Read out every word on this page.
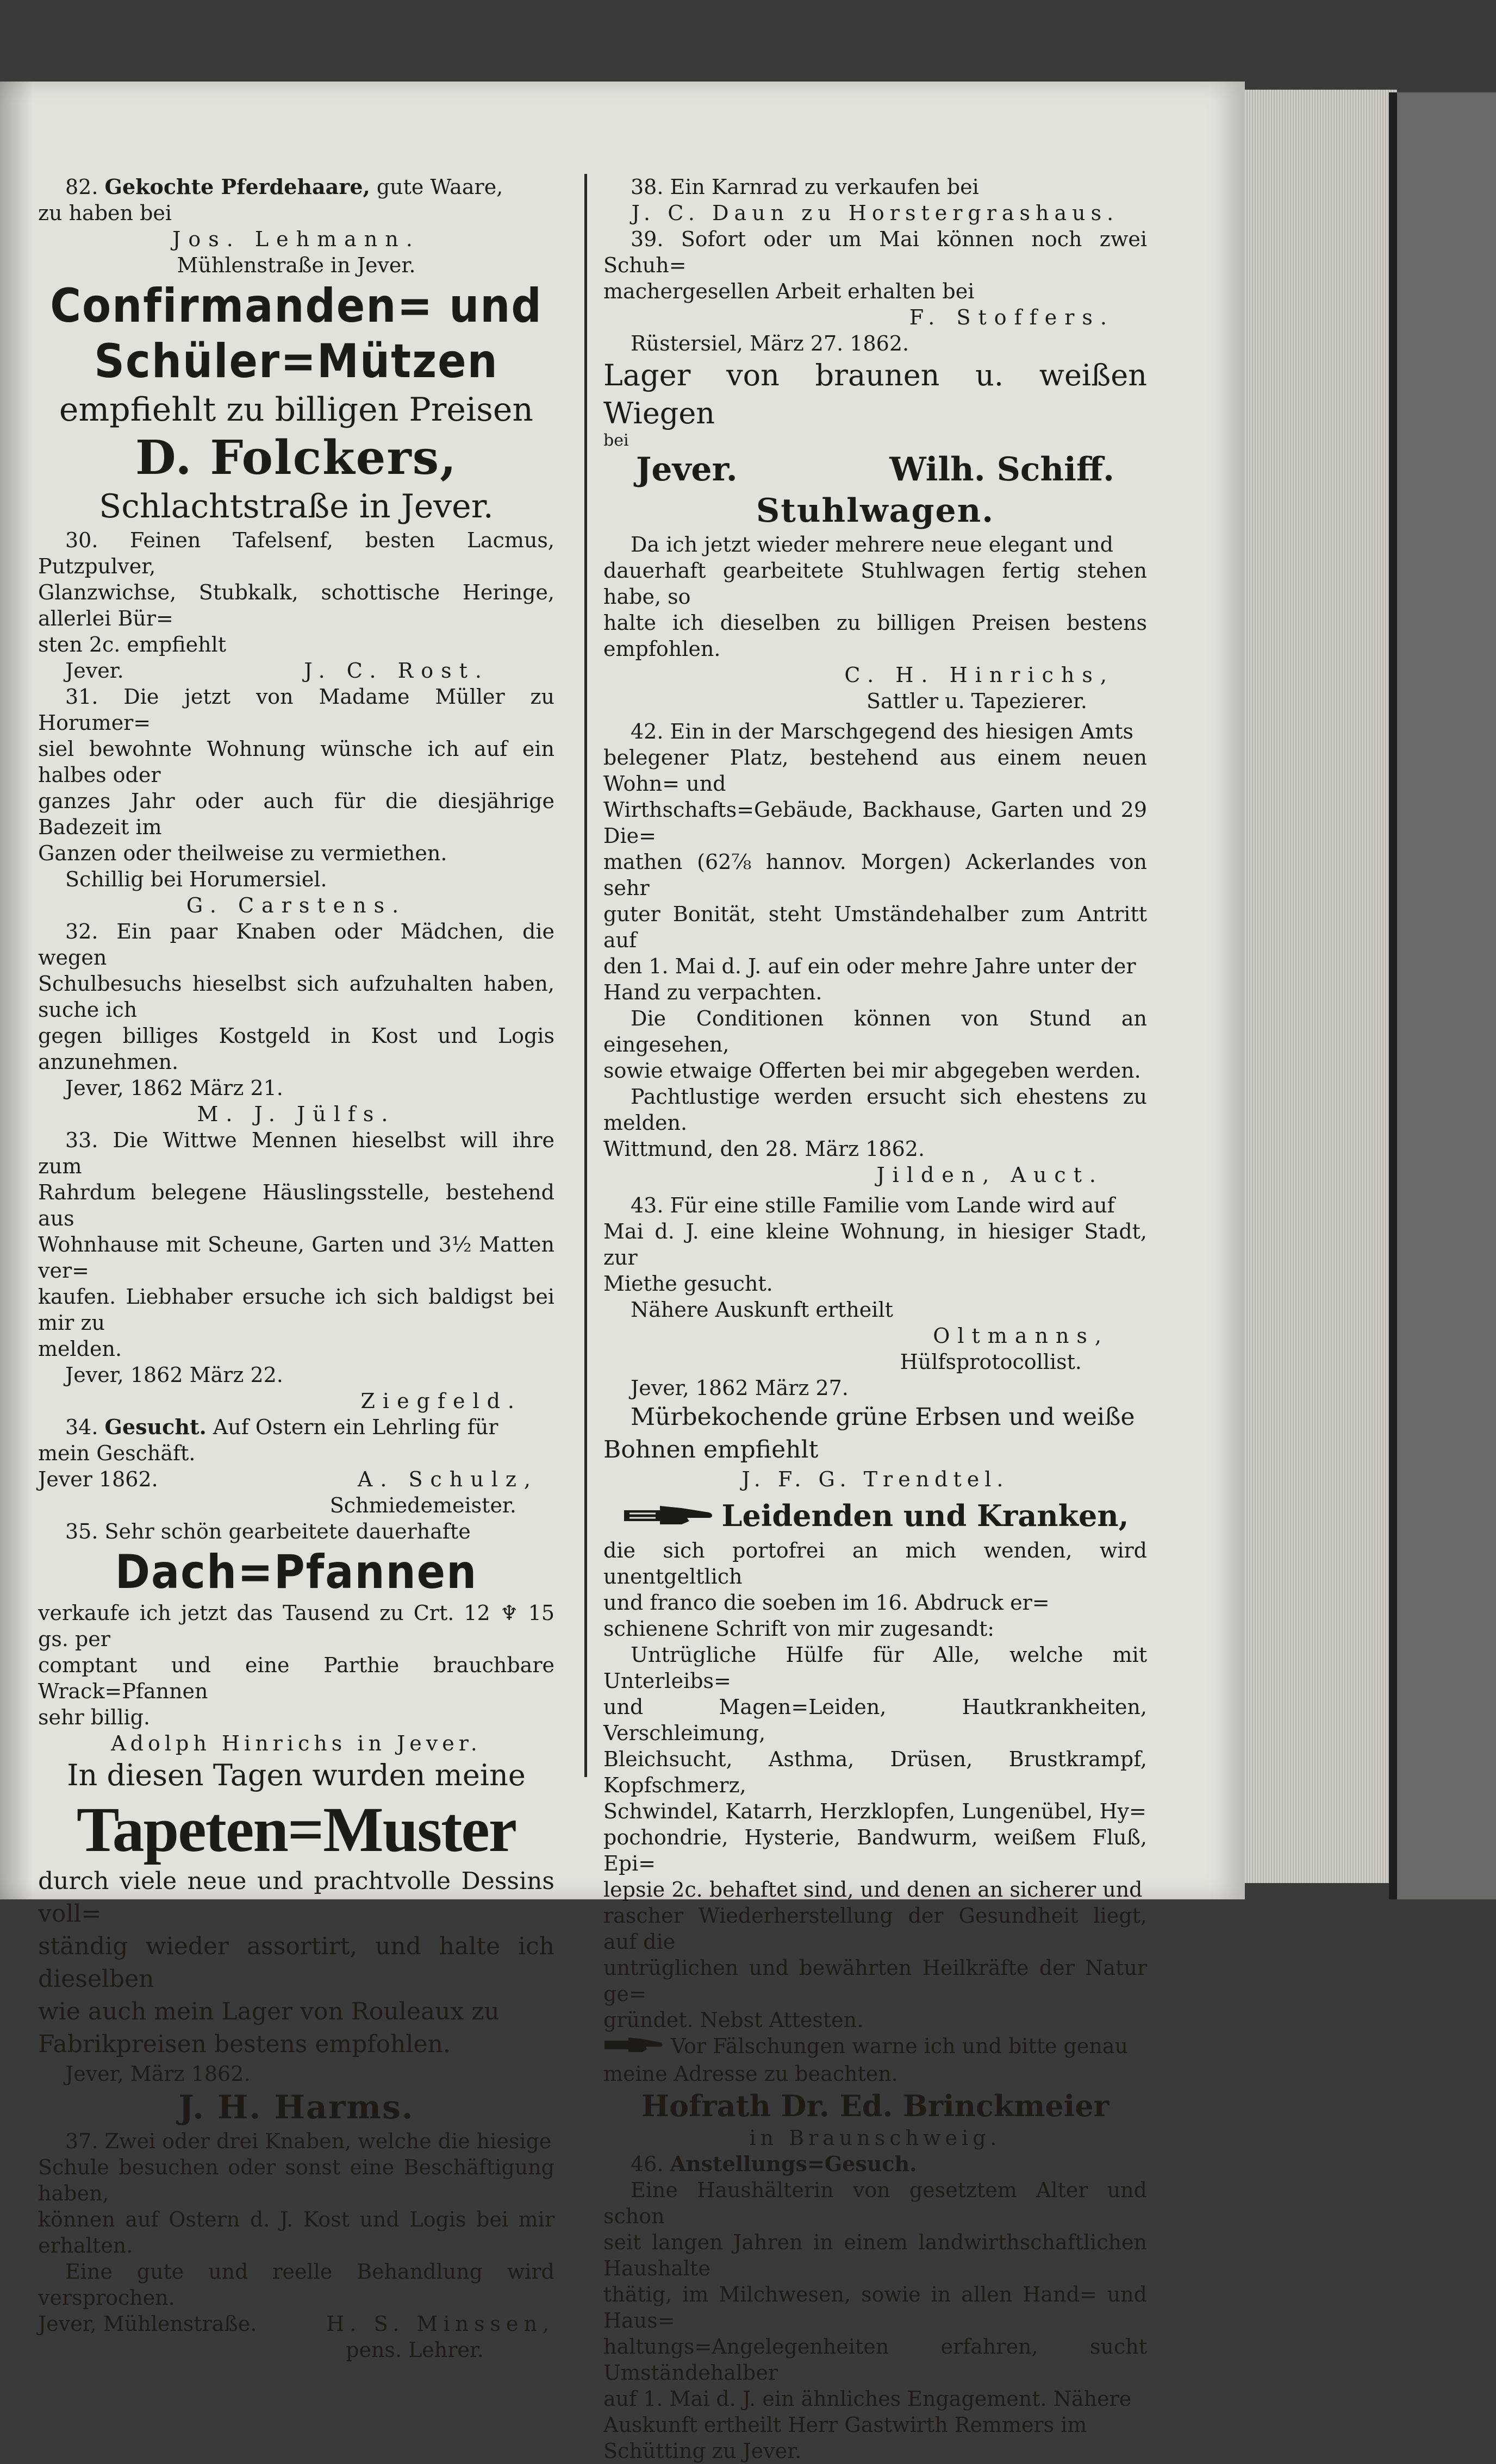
82. Gekochte Pferdehaare, gute Waare,

zu haben bei

Jos. Lehmann.

Mühlenstraße in Jever.

Confirmanden= und

Schüler=Mützen

empfiehlt zu billigen Preisen

D. Folckers,

Schlachtstraße in Jever.

30. Feinen Tafelsenf, besten Lacmus, Putzpulver,

Glanzwichse, Stubkalk, schottische Heringe, allerlei Bür=

sten 2c. empfiehlt

Jever.	J. C. Rost.

31. Die jetzt von Madame Müller zu Horumer=

siel bewohnte Wohnung wünsche ich auf ein halbes oder

ganzes Jahr oder auch für die diesjährige Badezeit im

Ganzen oder theilweise zu vermiethen.

Schillig bei Horumersiel.

G. Carstens.

32. Ein paar Knaben oder Mädchen, die wegen

Schulbesuchs hieselbst sich aufzuhalten haben, suche ich

gegen billiges Kostgeld in Kost und Logis anzunehmen.

Jever, 1862 März 21.

M. J. Jülfs.

33. Die Wittwe Mennen hieselbst will ihre zum

Rahrdum belegene Häuslingsstelle, bestehend aus

Wohnhause mit Scheune, Garten und 3½ Matten ver=

kaufen. Liebhaber ersuche ich sich baldigst bei mir zu

melden.

Jever, 1862 März 22.

Ziegfeld.

34. Gesucht. Auf Ostern ein Lehrling für

mein Geschäft.

Jever 1862.	A. Schulz,

Schmiedemeister.

35. Sehr schön gearbeitete dauerhafte

Dach=Pfannen

verkaufe ich jetzt das Tausend zu Crt. 12 ♆ 15 gs. per

comptant und eine Parthie brauchbare Wrack=Pfannen

sehr billig.

Adolph Hinrichs in Jever.

In diesen Tagen wurden meine

Tapeten=Muster

durch viele neue und prachtvolle Dessins voll=

ständig wieder assortirt, und halte ich dieselben

wie auch mein Lager von Rouleaux zu

Fabrikpreisen bestens empfohlen.

Jever, März 1862.

J. H. Harms.

37. Zwei oder drei Knaben, welche die hiesige

Schule besuchen oder sonst eine Beschäftigung haben,

können auf Ostern d. J. Kost und Logis bei mir erhalten.

Eine gute und reelle Behandlung wird versprochen.

Jever, Mühlenstraße.	H. S. Minssen,

pens. Lehrer.

38. Ein Karnrad zu verkaufen bei

J. C. Daun zu Horstergrashaus.

39. Sofort oder um Mai können noch zwei Schuh=

machergesellen Arbeit erhalten bei

F. Stoffers.

Rüstersiel, März 27. 1862.

Lager von braunen u. weißen Wiegen

bei

Jever.	Wilh. Schiff.

Stuhlwagen.

Da ich jetzt wieder mehrere neue elegant und

dauerhaft gearbeitete Stuhlwagen fertig stehen habe, so

halte ich dieselben zu billigen Preisen bestens empfohlen.

C. H. Hinrichs,

Sattler u. Tapezierer.

42. Ein in der Marschgegend des hiesigen Amts

belegener Platz, bestehend aus einem neuen Wohn= und

Wirthschafts=Gebäude, Backhause, Garten und 29 Die=

mathen (62⅞ hannov. Morgen) Ackerlandes von sehr

guter Bonität, steht Umständehalber zum Antritt auf

den 1. Mai d. J. auf ein oder mehre Jahre unter der

Hand zu verpachten.

Die Conditionen können von Stund an eingesehen,

sowie etwaige Offerten bei mir abgegeben werden.

Pachtlustige werden ersucht sich ehestens zu melden.

Wittmund, den 28. März 1862.

Jilden, Auct.

43. Für eine stille Familie vom Lande wird auf

Mai d. J. eine kleine Wohnung, in hiesiger Stadt, zur

Miethe gesucht.

Nähere Auskunft ertheilt

Oltmanns,

Hülfsprotocollist.

Jever, 1862 März 27.

Mürbekochende grüne Erbsen und weiße

Bohnen empfiehlt

J. F. G. Trendtel.

Leidenden und Kranken,

die sich portofrei an mich wenden, wird unentgeltlich

und franco die soeben im 16. Abdruck er=

schienene Schrift von mir zugesandt:

Untrügliche Hülfe für Alle, welche mit Unterleibs=

und Magen=Leiden, Hautkrankheiten, Verschleimung,

Bleichsucht, Asthma, Drüsen, Brustkrampf, Kopfschmerz,

Schwindel, Katarrh, Herzklopfen, Lungenübel, Hy=

pochondrie, Hysterie, Bandwurm, weißem Fluß, Epi=

lepsie 2c. behaftet sind, und denen an sicherer und

rascher Wiederherstellung der Gesundheit liegt, auf die

untrüglichen und bewährten Heilkräfte der Natur ge=

gründet. Nebst Attesten.

Vor Fälschungen warne ich und bitte genau

meine Adresse zu beachten.

Hofrath Dr. Ed. Brinckmeier

in Braunschweig.

46. Anstellungs=Gesuch.

Eine Haushälterin von gesetztem Alter und schon

seit langen Jahren in einem landwirthschaftlichen Haushalte

thätig, im Milchwesen, sowie in allen Hand= und Haus=

haltungs=Angelegenheiten erfahren, sucht Umständehalber

auf 1. Mai d. J. ein ähnliches Engagement. Nähere

Auskunft ertheilt Herr Gastwirth Remmers im

Schütting zu Jever.
